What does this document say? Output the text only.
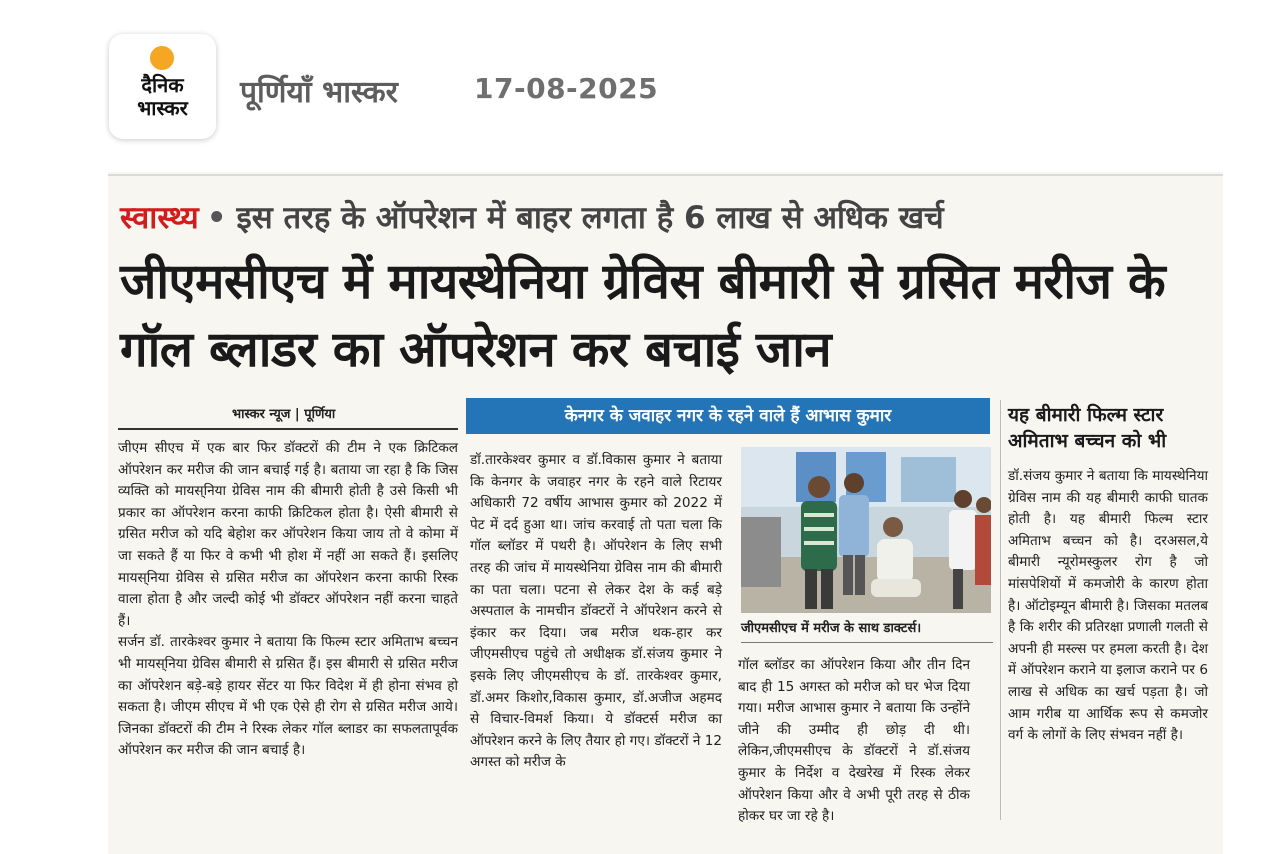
दैनिक
भास्कर	पूर्णियाँ भास्कर	17-08-2025
स्वास्थ्य • इस तरह के ऑपरेशन में बाहर लगता है 6 लाख से अधिक खर्च
जीएमसीएच में मायस्थेनिया ग्रेविस बीमारी से ग्रसित मरीज के गॉल ब्लाडर का ऑपरेशन कर बचाई जान
भास्कर न्यूज | पूर्णिया

जीएम सीएच में एक बार फिर डॉक्टरों की टीम ने एक क्रिटिकल ऑपरेशन कर मरीज की जान बचाई गई है। बताया जा रहा है कि जिस व्यक्ति को मायस्‌निया ग्रेविस नाम की बीमारी होती है उसे किसी भी प्रकार का ऑपरेशन करना काफी क्रिटिकल होता है। ऐसी बीमारी से ग्रसित मरीज को यदि बेहोश कर ऑपरेशन किया जाय तो वे कोमा में जा सकते हैं या फिर वे कभी भी होश में नहीं आ सकते हैं। इसलिए मायस्‌निया ग्रेविस से ग्रसित मरीज का ऑपरेशन करना काफी रिस्क वाला होता है और जल्दी कोई भी डॉक्टर ऑपरेशन नहीं करना चाहते हैं।

सर्जन डॉ. तारकेश्वर कुमार ने बताया कि फिल्म स्टार अमिताभ बच्चन भी मायस्‌निया ग्रेविस बीमारी से ग्रसित हैं। इस बीमारी से ग्रसित मरीज का ऑपरेशन बड़े-बड़े हायर सेंटर या फिर विदेश में ही होना संभव हो सकता है। जीएम सीएच में भी एक ऐसे ही रोग से ग्रसित मरीज आये। जिनका डॉक्टरों की टीम ने रिस्क लेकर गॉल ब्लाडर का सफलतापूर्वक ऑपरेशन कर मरीज की जान बचाई है।

केनगर के जवाहर नगर के रहने वाले हैं आभास कुमार
डॉ.तारकेश्वर कुमार व डॉ.विकास कुमार ने बताया कि केनगर के जवाहर नगर के रहने वाले रिटायर अधिकारी 72 वर्षीय आभास कुमार को 2022 में पेट में दर्द हुआ था। जांच करवाई तो पता चला कि गॉल ब्लॉडर में पथरी है। ऑपरेशन के लिए सभी तरह की जांच में मायस्थेनिया ग्रेविस नाम की बीमारी का पता चला। पटना से लेकर देश के कई बड़े अस्पताल के नामचीन डॉक्टरों ने ऑपरेशन करने से इंकार कर दिया। जब मरीज थक-हार कर जीएमसीएच पहुंचे तो अधीक्षक डॉ.संजय कुमार ने इसके लिए जीएमसीएच के डॉ. तारकेश्वर कुमार, डॉ.अमर किशोर,विकास कुमार, डॉ.अजीज अहमद से विचार-विमर्श किया। ये डॉक्टर्स मरीज का ऑपरेशन करने के लिए तैयार हो गए। डॉक्टरों ने 12 अगस्त को मरीज के
जीएमसीएच में मरीज के साथ डाक्टर्स।
गॉल ब्लॉडर का ऑपरेशन किया और तीन दिन बाद ही 15 अगस्त को मरीज को घर भेज दिया गया। मरीज आभास कुमार ने बताया कि उन्होंने जीने की उम्मीद ही छोड़ दी थी। लेकिन,जीएमसीएच के डॉक्टरों ने डॉ.संजय कुमार के निर्देश व देखरेख में रिस्क लेकर ऑपरेशन किया और वे अभी पूरी तरह से ठीक होकर घर जा रहे है।
यह बीमारी फिल्म स्टार अमिताभ बच्चन को भी
डॉ.संजय कुमार ने बताया कि मायस्थेनिया ग्रेविस नाम की यह बीमारी काफी घातक होती है। यह बीमारी फिल्म स्टार अमिताभ बच्चन को है। दरअसल,ये बीमारी न्यूरोमस्कुलर रोग है जो मांसपेशियों में कमजोरी के कारण होता है। ऑटोइम्यून बीमारी है। जिसका मतलब है कि शरीर की प्रतिरक्षा प्रणाली गलती से अपनी ही मस्ल्स पर हमला करती है। देश में ऑपरेशन कराने या इलाज कराने पर 6 लाख से अधिक का खर्च पड़ता है। जो आम गरीब या आर्थिक रूप से कमजोर वर्ग के लोगों के लिए संभवन नहीं है।
